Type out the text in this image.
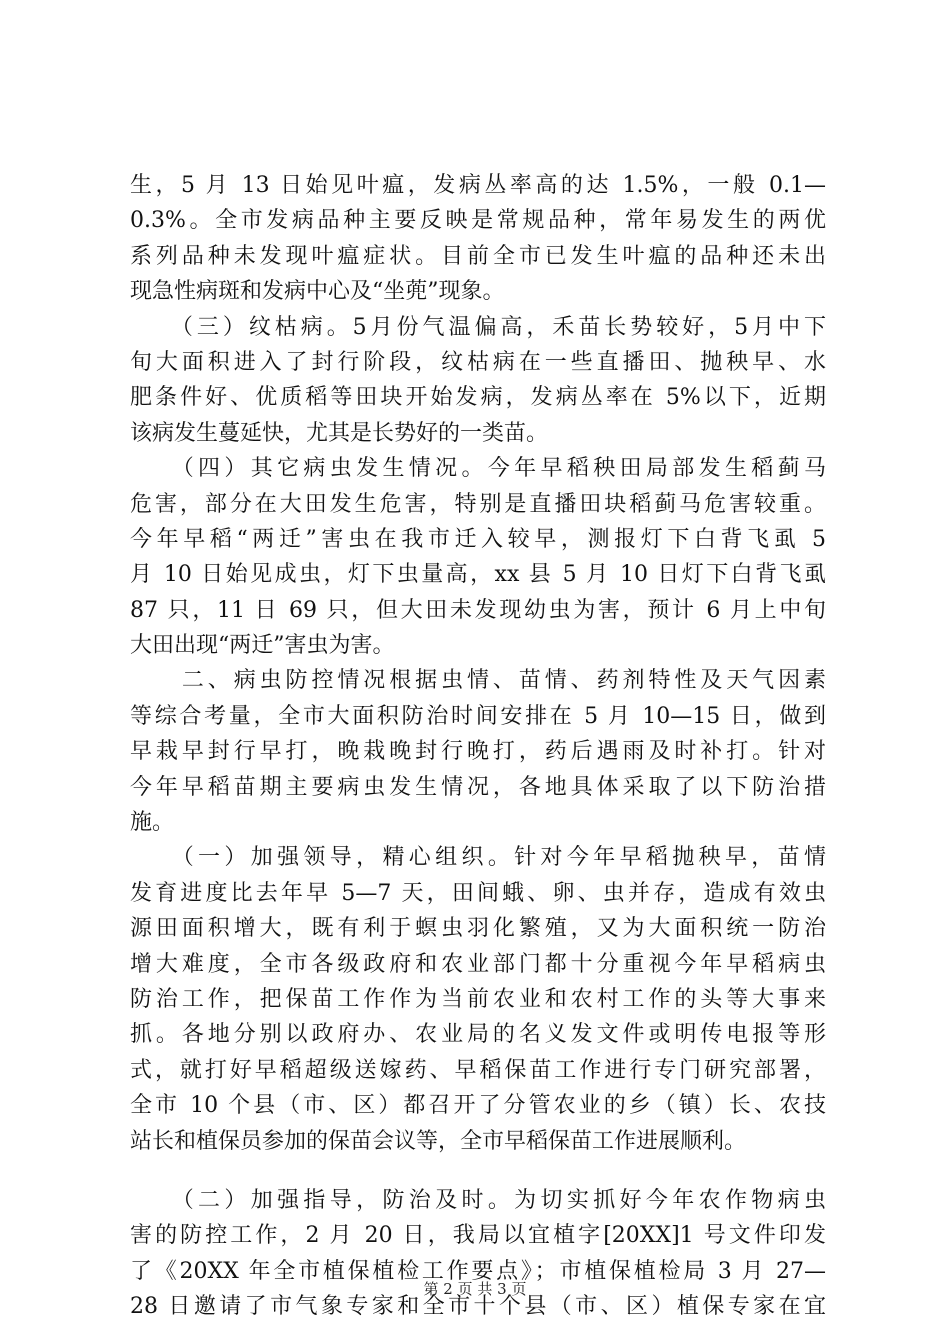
生，5 月 13 日始见叶瘟，发病丛率高的达 1.5%，一般 0.1—
0.3%。全市发病品种主要反映是常规品种，常年易发生的两优
系列品种未发现叶瘟症状。目前全市已发生叶瘟的品种还未出
现急性病斑和发病中心及“坐蔸”现象。
　　（三）纹枯病。5月份气温偏高，禾苗长势较好，5月中下
旬大面积进入了封行阶段，纹枯病在一些直播田、抛秧早、水
肥条件好、优质稻等田块开始发病，发病丛率在 5%以下，近期
该病发生蔓延快，尤其是长势好的一类苗。
　　（四）其它病虫发生情况。今年早稻秧田局部发生稻蓟马
危害，部分在大田发生危害，特别是直播田块稻蓟马危害较重。
今年早稻“两迁”害虫在我市迁入较早，测报灯下白背飞虱 5
月 10 日始见成虫，灯下虫量高，xx 县 5 月 10 日灯下白背飞虱
87 只，11 日 69 只，但大田未发现幼虫为害，预计 6 月上中旬
大田出现“两迁”害虫为害。
　　二、病虫防控情况根据虫情、苗情、药剂特性及天气因素
等综合考量，全市大面积防治时间安排在 5 月 10—15 日，做到
早栽早封行早打，晚栽晚封行晚打，药后遇雨及时补打。针对
今年早稻苗期主要病虫发生情况，各地具体采取了以下防治措
施。
　　（一）加强领导，精心组织。针对今年早稻抛秧早，苗情
发育进度比去年早 5—7 天，田间蛾、卵、虫并存，造成有效虫
源田面积增大，既有利于螟虫羽化繁殖，又为大面积统一防治
增大难度，全市各级政府和农业部门都十分重视今年早稻病虫
防治工作，把保苗工作作为当前农业和农村工作的头等大事来
抓。各地分别以政府办、农业局的名义发文件或明传电报等形
式，就打好早稻超级送嫁药、早稻保苗工作进行专门研究部署，
全市 10 个县（市、区）都召开了分管农业的乡（镇）长、农技
站长和植保员参加的保苗会议等，全市早稻保苗工作进展顺利。
　　（二）加强指导，防治及时。为切实抓好今年农作物病虫
害的防控工作，2 月 20 日，我局以宜植字[20XX]1 号文件印发
了《20XX 年全市植保植检工作要点》；市植保植检局 3 月 27—
28 日邀请了市气象专家和全市十个县（市、区）植保专家在宜
第 2 页 共 3 页
